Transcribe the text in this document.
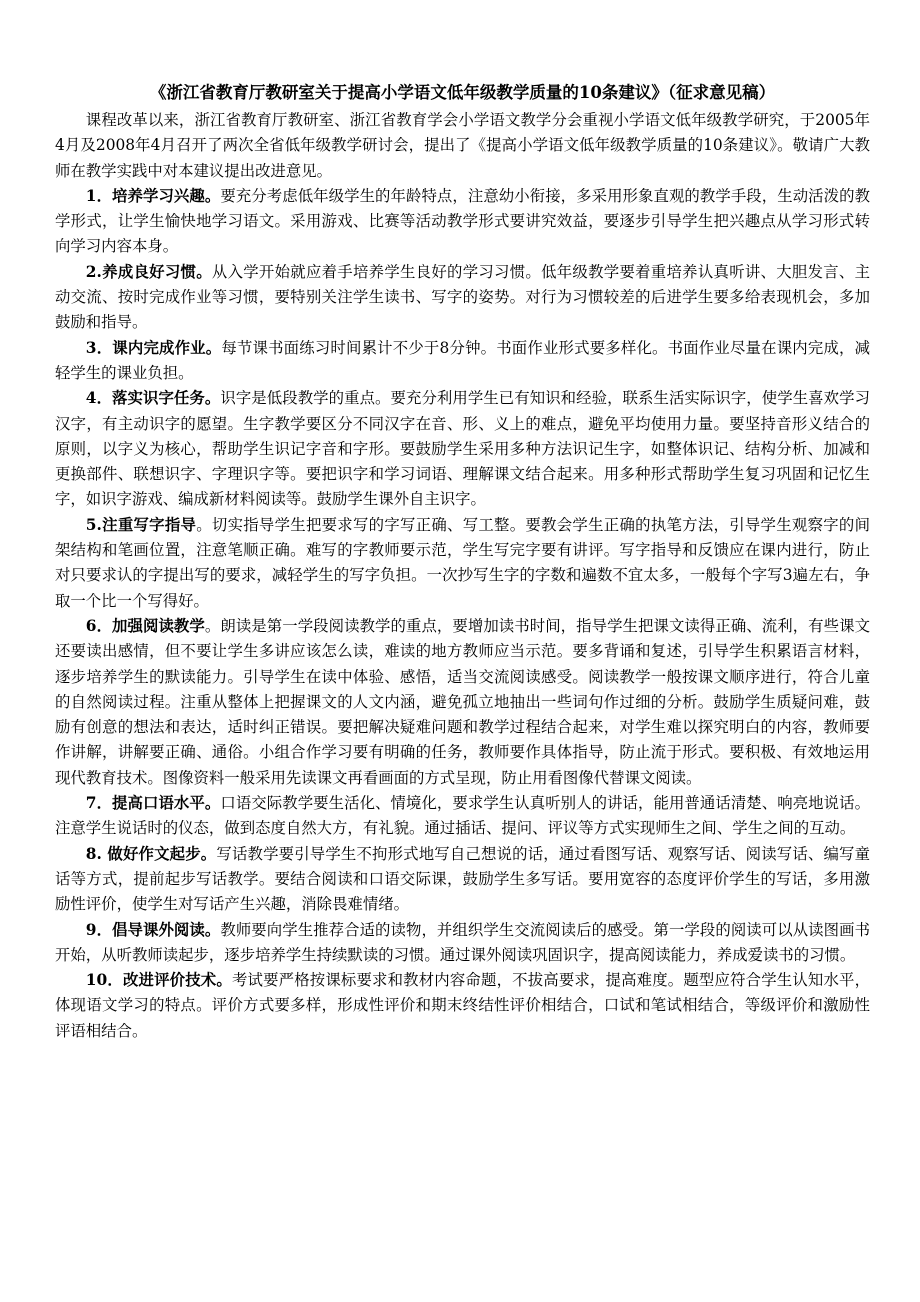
《浙江省教育厅教研室关于提高小学语文低年级教学质量的10条建议》（征求意见稿）

课程改革以来，浙江省教育厅教研室、浙江省教育学会小学语文教学分会重视小学语文低年级教学研究，于2005年4月及2008年4月召开了两次全省低年级教学研讨会，提出了《提高小学语文低年级教学质量的10条建议》。敬请广大教师在教学实践中对本建议提出改进意见。

1．培养学习兴趣。要充分考虑低年级学生的年龄特点，注意幼小衔接，多采用形象直观的教学手段，生动活泼的教学形式，让学生愉快地学习语文。采用游戏、比赛等活动教学形式要讲究效益，要逐步引导学生把兴趣点从学习形式转向学习内容本身。

2.养成良好习惯。从入学开始就应着手培养学生良好的学习习惯。低年级教学要着重培养认真听讲、大胆发言、主动交流、按时完成作业等习惯，要特别关注学生读书、写字的姿势。对行为习惯较差的后进学生要多给表现机会，多加鼓励和指导。

3．课内完成作业。每节课书面练习时间累计不少于8分钟。书面作业形式要多样化。书面作业尽量在课内完成，减轻学生的课业负担。

4．落实识字任务。识字是低段教学的重点。要充分利用学生已有知识和经验，联系生活实际识字，使学生喜欢学习汉字，有主动识字的愿望。生字教学要区分不同汉字在音、形、义上的难点，避免平均使用力量。要坚持音形义结合的原则，以字义为核心，帮助学生识记字音和字形。要鼓励学生采用多种方法识记生字，如整体识记、结构分析、加减和更换部件、联想识字、字理识字等。要把识字和学习词语、理解课文结合起来。用多种形式帮助学生复习巩固和记忆生字，如识字游戏、编成新材料阅读等。鼓励学生课外自主识字。

5.注重写字指导。切实指导学生把要求写的字写正确、写工整。要教会学生正确的执笔方法，引导学生观察字的间架结构和笔画位置，注意笔顺正确。难写的字教师要示范，学生写完字要有讲评。写字指导和反馈应在课内进行，防止对只要求认的字提出写的要求，减轻学生的写字负担。一次抄写生字的字数和遍数不宜太多，一般每个字写3遍左右，争取一个比一个写得好。

6．加强阅读教学。朗读是第一学段阅读教学的重点，要增加读书时间，指导学生把课文读得正确、流利，有些课文还要读出感情，但不要让学生多讲应该怎么读，难读的地方教师应当示范。要多背诵和复述，引导学生积累语言材料，逐步培养学生的默读能力。引导学生在读中体验、感悟，适当交流阅读感受。阅读教学一般按课文顺序进行，符合儿童的自然阅读过程。注重从整体上把握课文的人文内涵，避免孤立地抽出一些词句作过细的分析。鼓励学生质疑问难，鼓励有创意的想法和表达，适时纠正错误。要把解决疑难问题和教学过程结合起来，对学生难以探究明白的内容，教师要作讲解，讲解要正确、通俗。小组合作学习要有明确的任务，教师要作具体指导，防止流于形式。要积极、有效地运用现代教育技术。图像资料一般采用先读课文再看画面的方式呈现，防止用看图像代替课文阅读。

7．提高口语水平。口语交际教学要生活化、情境化，要求学生认真听别人的讲话，能用普通话清楚、响亮地说话。注意学生说话时的仪态，做到态度自然大方，有礼貌。通过插话、提问、评议等方式实现师生之间、学生之间的互动。

8. 做好作文起步。写话教学要引导学生不拘形式地写自己想说的话，通过看图写话、观察写话、阅读写话、编写童话等方式，提前起步写话教学。要结合阅读和口语交际课，鼓励学生多写话。要用宽容的态度评价学生的写话，多用激励性评价，使学生对写话产生兴趣，消除畏难情绪。

9．倡导课外阅读。教师要向学生推荐合适的读物，并组织学生交流阅读后的感受。第一学段的阅读可以从读图画书开始，从听教师读起步，逐步培养学生持续默读的习惯。通过课外阅读巩固识字，提高阅读能力，养成爱读书的习惯。

10．改进评价技术。考试要严格按课标要求和教材内容命题，不拔高要求，提高难度。题型应符合学生认知水平，体现语文学习的特点。评价方式要多样，形成性评价和期末终结性评价相结合，口试和笔试相结合，等级评价和激励性评语相结合。
